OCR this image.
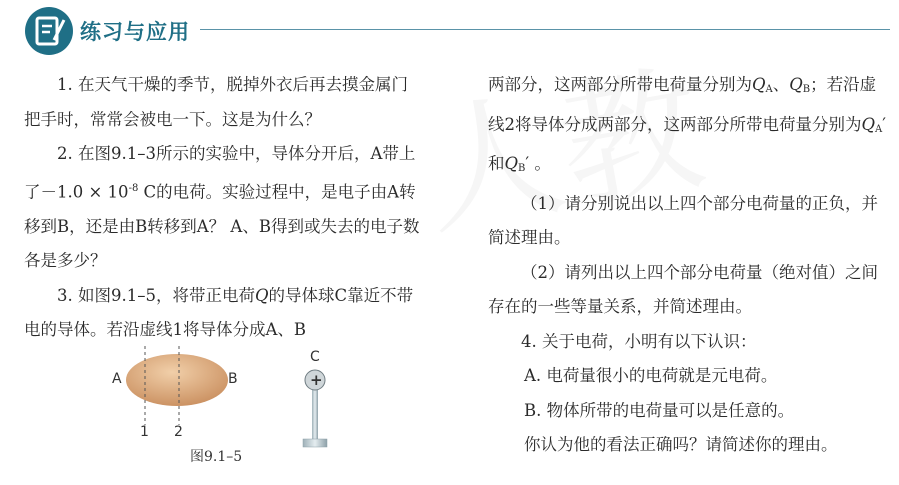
练习与应用

1. 在天气干燥的季节，脱掉外衣后再去摸金属门把手时，常常会被电一下。这是为什么？

2. 在图9.1–3所示的实验中，导体分开后，A带上了$-1.0 \times 10^{-8}$ C的电荷。实验过程中，是电子由A转移到B，还是由B转移到A？ A、B得到或失去的电子数各是多少？

3. 如图9.1–5，将带正电荷Q的导体球C靠近不带电的导体。若沿虚线1将导体分成A、B

两部分，这两部分所带电荷量分别为$Q_A$、$Q_B$；若沿虚线2将导体分成两部分，这两部分所带电荷量分别为$Q_A'$ 和$Q_B'$ 。

（1）请分别说出以上四个部分电荷量的正负，并简述理由。

（2）请列出以上四个部分电荷量（绝对值）之间存在的一些等量关系，并简述理由。

4. 关于电荷，小明有以下认识：

A. 电荷量很小的电荷就是元电荷。

B. 物体所带的电荷量可以是任意的。

你认为他的看法正确吗？请简述你的理由。

A	B
C
+
1 2
图9.1–5
